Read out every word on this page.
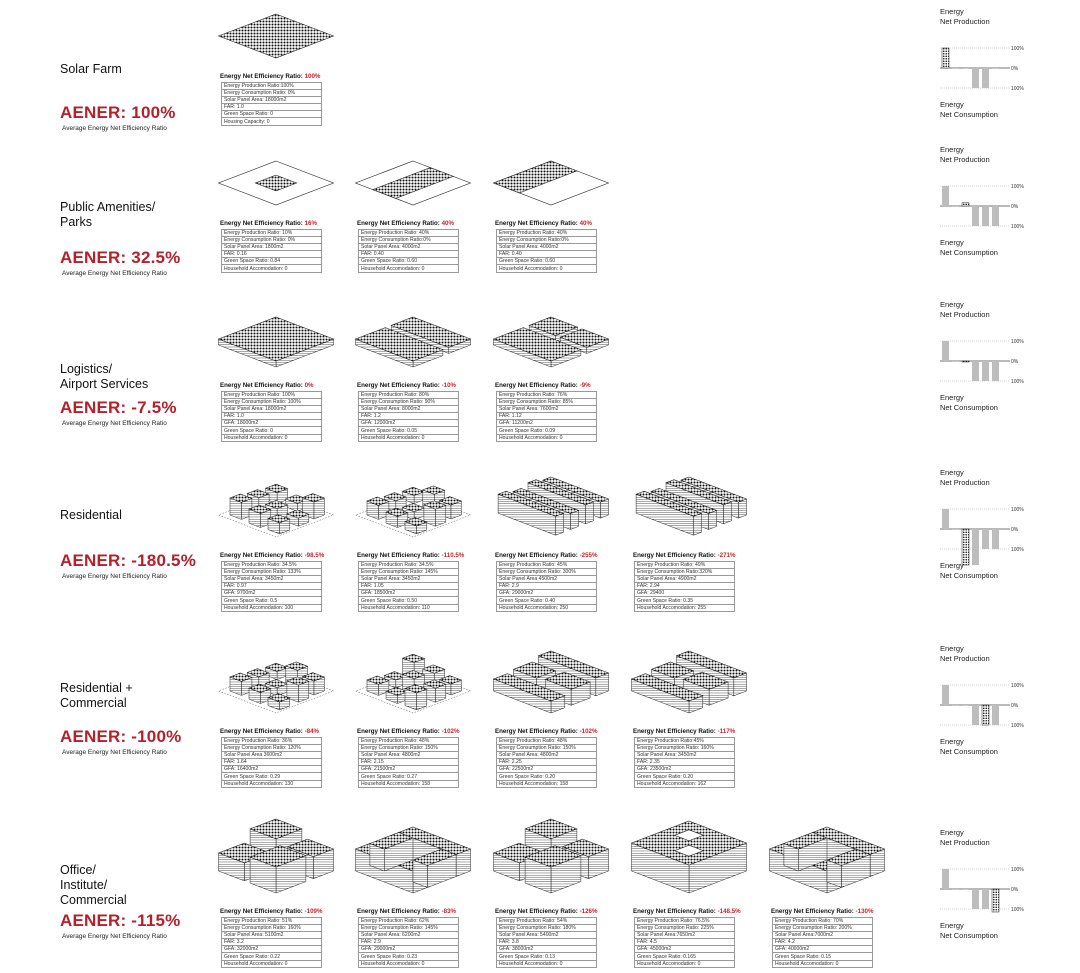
Solar Farm
AENER: 100%
Average Energy Net Efficiency Ratio
Energy Net Efficiency Ratio: 100%
Energy Production Ratio:100%
Energy Consumption Ratio: 0%
Solar Panel Area: 18000m2
FAR: 1.0
Green Space Ratio: 0
Housing Capacity: 0
Energy
Net Production
100%
0%
100%
Energy
Net Consumption
Public Amenities/
Parks
AENER: 32.5%
Average Energy Net Efficiency Ratio
Energy Net Efficiency Ratio: 16%
Energy Production Ratio: 10%
Energy Consumption Ratio: 0%
Solar Panel Area: 1800m2
FAR: 0.16
Green Space Ratio: 0.84
Household Accomodation: 0
Energy Net Efficiency Ratio: 40%
Energy Production Ratio: 40%
Energy Consumption Ratio:0%
Solar Panel Area: 4000m2
FAR: 0.40
Green Space Ratio: 0.60
Household Accomodation: 0
Energy Net Efficiency Ratio: 40%
Energy Production Ratio: 40%
Energy Consumption Ratio:0%
Solar Panel Area: 4000m2
FAR: 0.40
Green Space Ratio: 0.60
Household Accomodation: 0
Energy
Net Production
100%
0%
100%
Energy
Net Consumption
Logistics/
Airport Services
AENER: -7.5%
Average Energy Net Efficiency Ratio
Energy Net Efficiency Ratio: 0%
Energy Production Ratio: 100%
Energy Consumption Ratio: 100%
Solar Panel Area: 18000m2
FAR: 1.0
GFA: 18000m2
Green Space Ratio: 0
Household Accomodation: 0
Energy Net Efficiency Ratio: -10%
Energy Production Ratio: 80%
Energy Consumption Ratio: 90%
Solar Panel Area: 8000m2
FAR: 1.2
GFA: 12000m2
Green Space Ratio: 0.05
Household Accomodation: 0
Energy Net Efficiency Ratio: -9%
Energy Production Ratio: 76%
Energy Consumption Ratio: 85%
Solar Panel Area: 7600m2
FAR: 1.12
GFA: 11200m2
Green Space Ratio: 0.09
Household Accomodation: 0
Energy
Net Production
100%
0%
100%
Energy
Net Consumption
Residential
AENER: -180.5%
Average Energy Net Efficiency Ratio
Energy Net Efficiency Ratio: -98.5%
Energy Production Ratio: 34.5%
Energy Consumption Ratio: 133%
Solar Panel Area: 3450m2
FAR: 0.97
GFA: 9700m2
Green Space Ratio: 0.5
Household Accomodation: 100
Energy Net Efficiency Ratio: -110.5%
Energy Production Ratio: 34.5%
Energy Consumption Ratio: 145%
Solar Panel Area: 3450m2
FAR: 1.05
GFA: 18500m2
Green Space Ratio: 0.50
Household Accomodation: 110
Energy Net Efficiency Ratio: -255%
Energy Production Ratio: 45%
Energy Consumption Ratio: 300%
Solar Panel Area 4500m2
FAR: 2.9
GFA: 29000m2
Green Space Ratio: 0.40
Household Accomodation: 250
Energy Net Efficiency Ratio: -271%
Energy Production Ratio: 49%
Energy Consumption Ratio:320%
Solar Panel Area: 4900m2
FAR: 2.94
GFA: 29400
Green Space Ratio: 0.35
Household Accomodation: 255
Energy
Net Production
100%
0%
100%
Energy
Net Consumption
Residential +
Commercial
AENER: -100%
Average Energy Net Efficiency Ratio
Energy Net Efficiency Ratio: -84%
Energy Production Ratio: 36%
Energy Consumption Ratio: 120%
Solar Panel Area 3600m2
FAR: 1.64
GFA: 16400m2
Green Space Ratio: 0.29
Household Accomodation: 130
Energy Net Efficiency Ratio: -102%
Energy Production Ratio: 48%
Energy Consumption Ratio: 150%
Solar Panel Area: 4800m2
FAR: 2.15
GFA: 21500m2
Green Space Ratio: 0.27
Household Accomodation: 158
Energy Net Efficiency Ratio: -102%
Energy Production Ratio: 48%
Energy Consumption Ratio: 150%
Solar Panel Area: 4800m2
FAR: 2.25
GFA: 22500m2
Green Space Ratio: 0.20
Household Accomodation: 158
Energy Net Efficiency Ratio: -117%
Energy Production Ratio:45%
Energy Consumption Ratio: 160%
Solar Panel Area: 3450m2
FAR: 2.35
GFA: 23500m2
Green Space Ratio: 0.20
Household Accomodation: 162
Energy
Net Production
100%
0%
100%
Energy
Net Consumption
Office/
Institute/
Commercial
AENER: -115%
Average Energy Net Efficiency Ratio
Energy Net Efficiency Ratio: -109%
Energy Production Ratio: 51%
Energy Consumption Ratio: 160%
Solar Panel Area: 5100m2
FAR: 3.2
GFA: 32000m2
Green Space Ratio: 0.22
Household Accomodation: 0
Energy Net Efficiency Ratio: -83%
Energy Production Ratio: 62%
Energy Consumption Ratio: 145%
Solar Panel Area: 6200m2
FAR: 2.9
GFA: 29000m2
Green Space Ratio: 0.23
Household Accomodation: 0
Energy Net Efficiency Ratio: -126%
Energy Production Ratio: 54%
Energy Consumption Ratio: 180%
Solar Panel Area: 5400m2
FAR: 3.8
GFA: 38000m2
Green Space Ratio: 0.13
Household Accomodation: 0
Energy Net Efficiency Ratio: -148.5%
Energy Production Ratio: 76.5%
Energy Consumption Ratio: 225%
Solar Panel Area:7650m2
FAR: 4.5
GFA: 45000m2
Green Space Ratio: 0.165
Household Accomodation: 0
Energy Net Efficiency Ratio: -130%
Energy Production Ratio: 70%
Energy Consumption Ratio: 200%
Solar Panel Area:7000m2
FAR: 4.2
GFA: 40000m2
Green Space Ratio: 0.15
Household Accomodation: 0
Energy
Net Production
100%
0%
100%
Energy
Net Consumption
